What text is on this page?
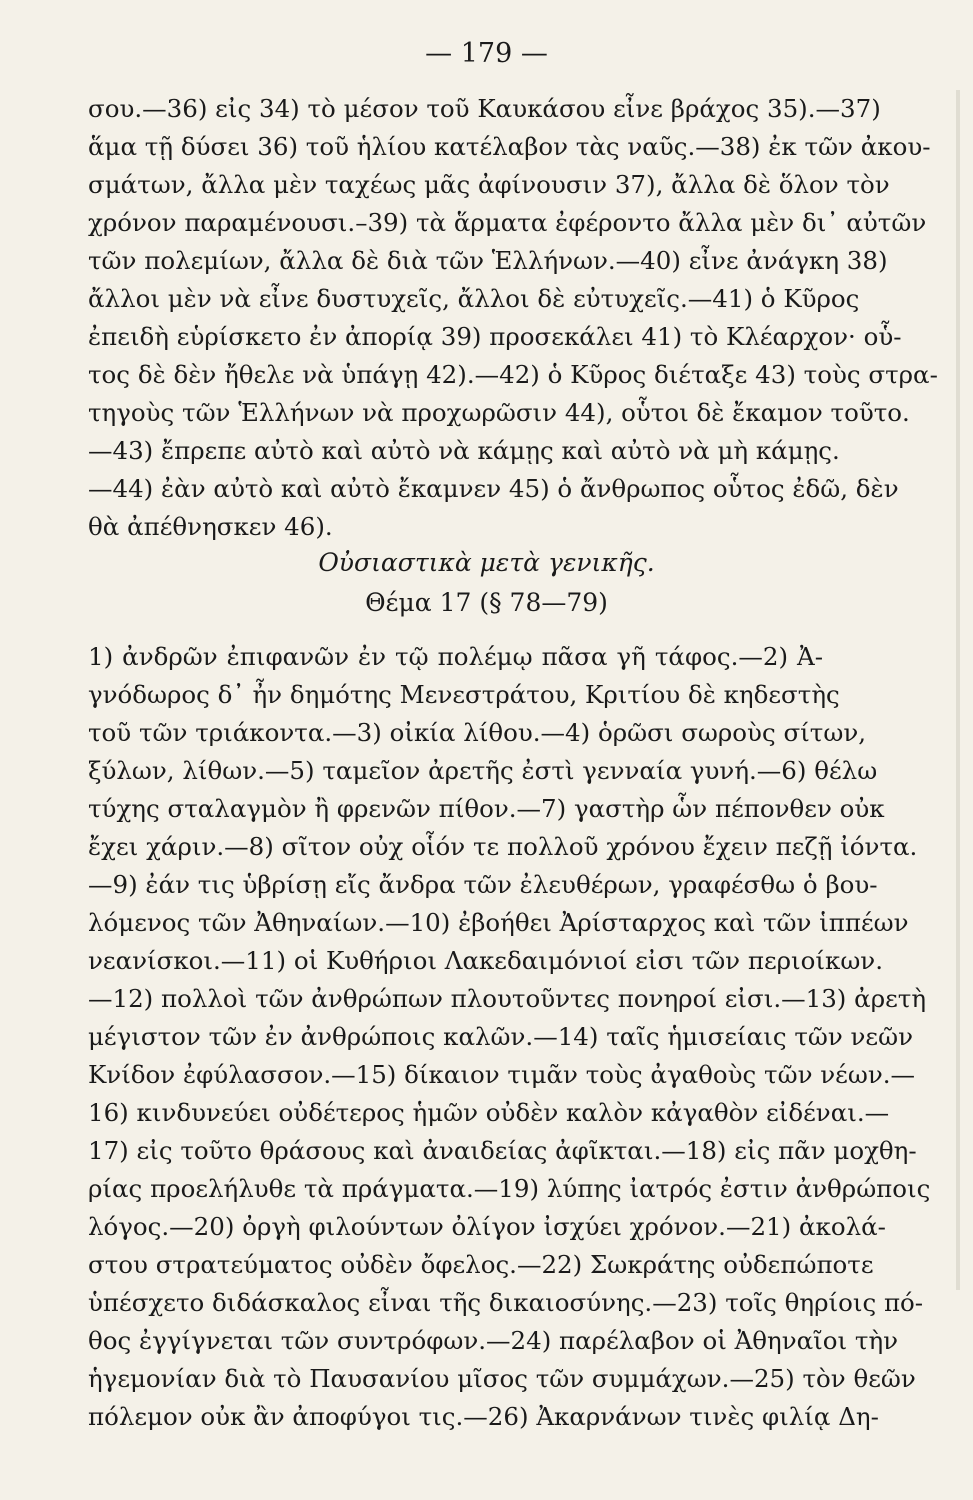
— 179 —
σου.—36) εἰς 34) τὸ μέσον τοῦ Καυκάσου εἶνε βράχος 35).—37)
ἅμα τῇ δύσει 36) τοῦ ἡλίου κατέλαβον τὰς ναῦς.—38) ἐκ τῶν ἀκου-
σμάτων, ἄλλα μὲν ταχέως μᾶς ἀφίνουσιν 37), ἄλλα δὲ ὅλον τὸν
χρόνον παραμένουσι.–39) τὰ ἅρματα ἐφέροντο ἄλλα μὲν δι᾿ αὐτῶν
τῶν πολεμίων, ἄλλα δὲ διὰ τῶν Ἑλλήνων.—40) εἶνε ἀνάγκη 38)
ἄλλοι μὲν νὰ εἶνε δυστυχεῖς, ἄλλοι δὲ εὐτυχεῖς.—41) ὁ Κῦρος
ἐπειδὴ εὑρίσκετο ἐν ἀπορίᾳ 39) προσεκάλει 41) τὸ Κλέαρχον· οὗ-
τος δὲ δὲν ἤθελε νὰ ὑπάγῃ 42).—42) ὁ Κῦρος διέταξε 43) τοὺς στρα-
τηγοὺς τῶν Ἑλλήνων νὰ προχωρῶσιν 44), οὗτοι δὲ ἔκαμον τοῦτο.
—43) ἔπρεπε αὐτὸ καὶ αὐτὸ νὰ κάμῃς καὶ αὐτὸ νὰ μὴ κάμῃς.
—44) ἐὰν αὐτὸ καὶ αὐτὸ ἔκαμνεν 45) ὁ ἄνθρωπος οὗτος ἐδῶ, δὲν
θὰ ἀπέθνησκεν 46).
Οὐσιαστικὰ μετὰ γενικῆς.
Θέμα 17 (§ 78—79)
1) ἀνδρῶν ἐπιφανῶν ἐν τῷ πολέμῳ πᾶσα γῆ τάφος.—2) Ἀ-
γνόδωρος δ᾿ ἦν δημότης Μενεστράτου, Κριτίου δὲ κηδεστὴς
τοῦ τῶν τριάκοντα.—3) οἰκία λίθου.—4) ὁρῶσι σωροὺς σίτων,
ξύλων, λίθων.—5) ταμεῖον ἀρετῆς ἐστὶ γενναία γυνή.—6) θέλω
τύχης σταλαγμὸν ἢ φρενῶν πίθον.—7) γαστὴρ ὧν πέπονθεν οὐκ
ἔχει χάριν.—8) σῖτον οὐχ οἷόν τε πολλοῦ χρόνου ἔχειν πεζῇ ἰόντα.
—9) ἐάν τις ὑβρίσῃ εἴς ἄνδρα τῶν ἐλευθέρων, γραφέσθω ὁ βου-
λόμενος τῶν Ἀθηναίων.—10) ἐβοήθει Ἀρίσταρχος καὶ τῶν ἱππέων
νεανίσκοι.—11) οἱ Κυθήριοι Λακεδαιμόνιοί εἰσι τῶν περιοίκων.
—12) πολλοὶ τῶν ἀνθρώπων πλουτοῦντες πονηροί εἰσι.—13) ἀρετὴ
μέγιστον τῶν ἐν ἀνθρώποις καλῶν.—14) ταῖς ἡμισείαις τῶν νεῶν
Κνίδον ἐφύλασσον.—15) δίκαιον τιμᾶν τοὺς ἀγαθοὺς τῶν νέων.—
16) κινδυνεύει οὐδέτερος ἡμῶν οὐδὲν καλὸν κἀγαθὸν εἰδέναι.—
17) εἰς τοῦτο θράσους καὶ ἀναιδείας ἀφῖκται.—18) εἰς πᾶν μοχθη-
ρίας προελήλυθε τὰ πράγματα.—19) λύπης ἰατρός ἐστιν ἀνθρώποις
λόγος.—20) ὀργὴ φιλούντων ὀλίγον ἰσχύει χρόνον.—21) ἀκολά-
στου στρατεύματος οὐδὲν ὄφελος.—22) Σωκράτης οὐδεπώποτε
ὑπέσχετο διδάσκαλος εἶναι τῆς δικαιοσύνης.—23) τοῖς θηρίοις πό-
θος ἐγγίγνεται τῶν συντρόφων.—24) παρέλαβον οἱ Ἀθηναῖοι τὴν
ἡγεμονίαν διὰ τὸ Παυσανίου μῖσος τῶν συμμάχων.—25) τὸν θεῶν
πόλεμον οὐκ ἂν ἀποφύγοι τις.—26) Ἀκαρνάνων τινὲς φιλίᾳ Δη-
